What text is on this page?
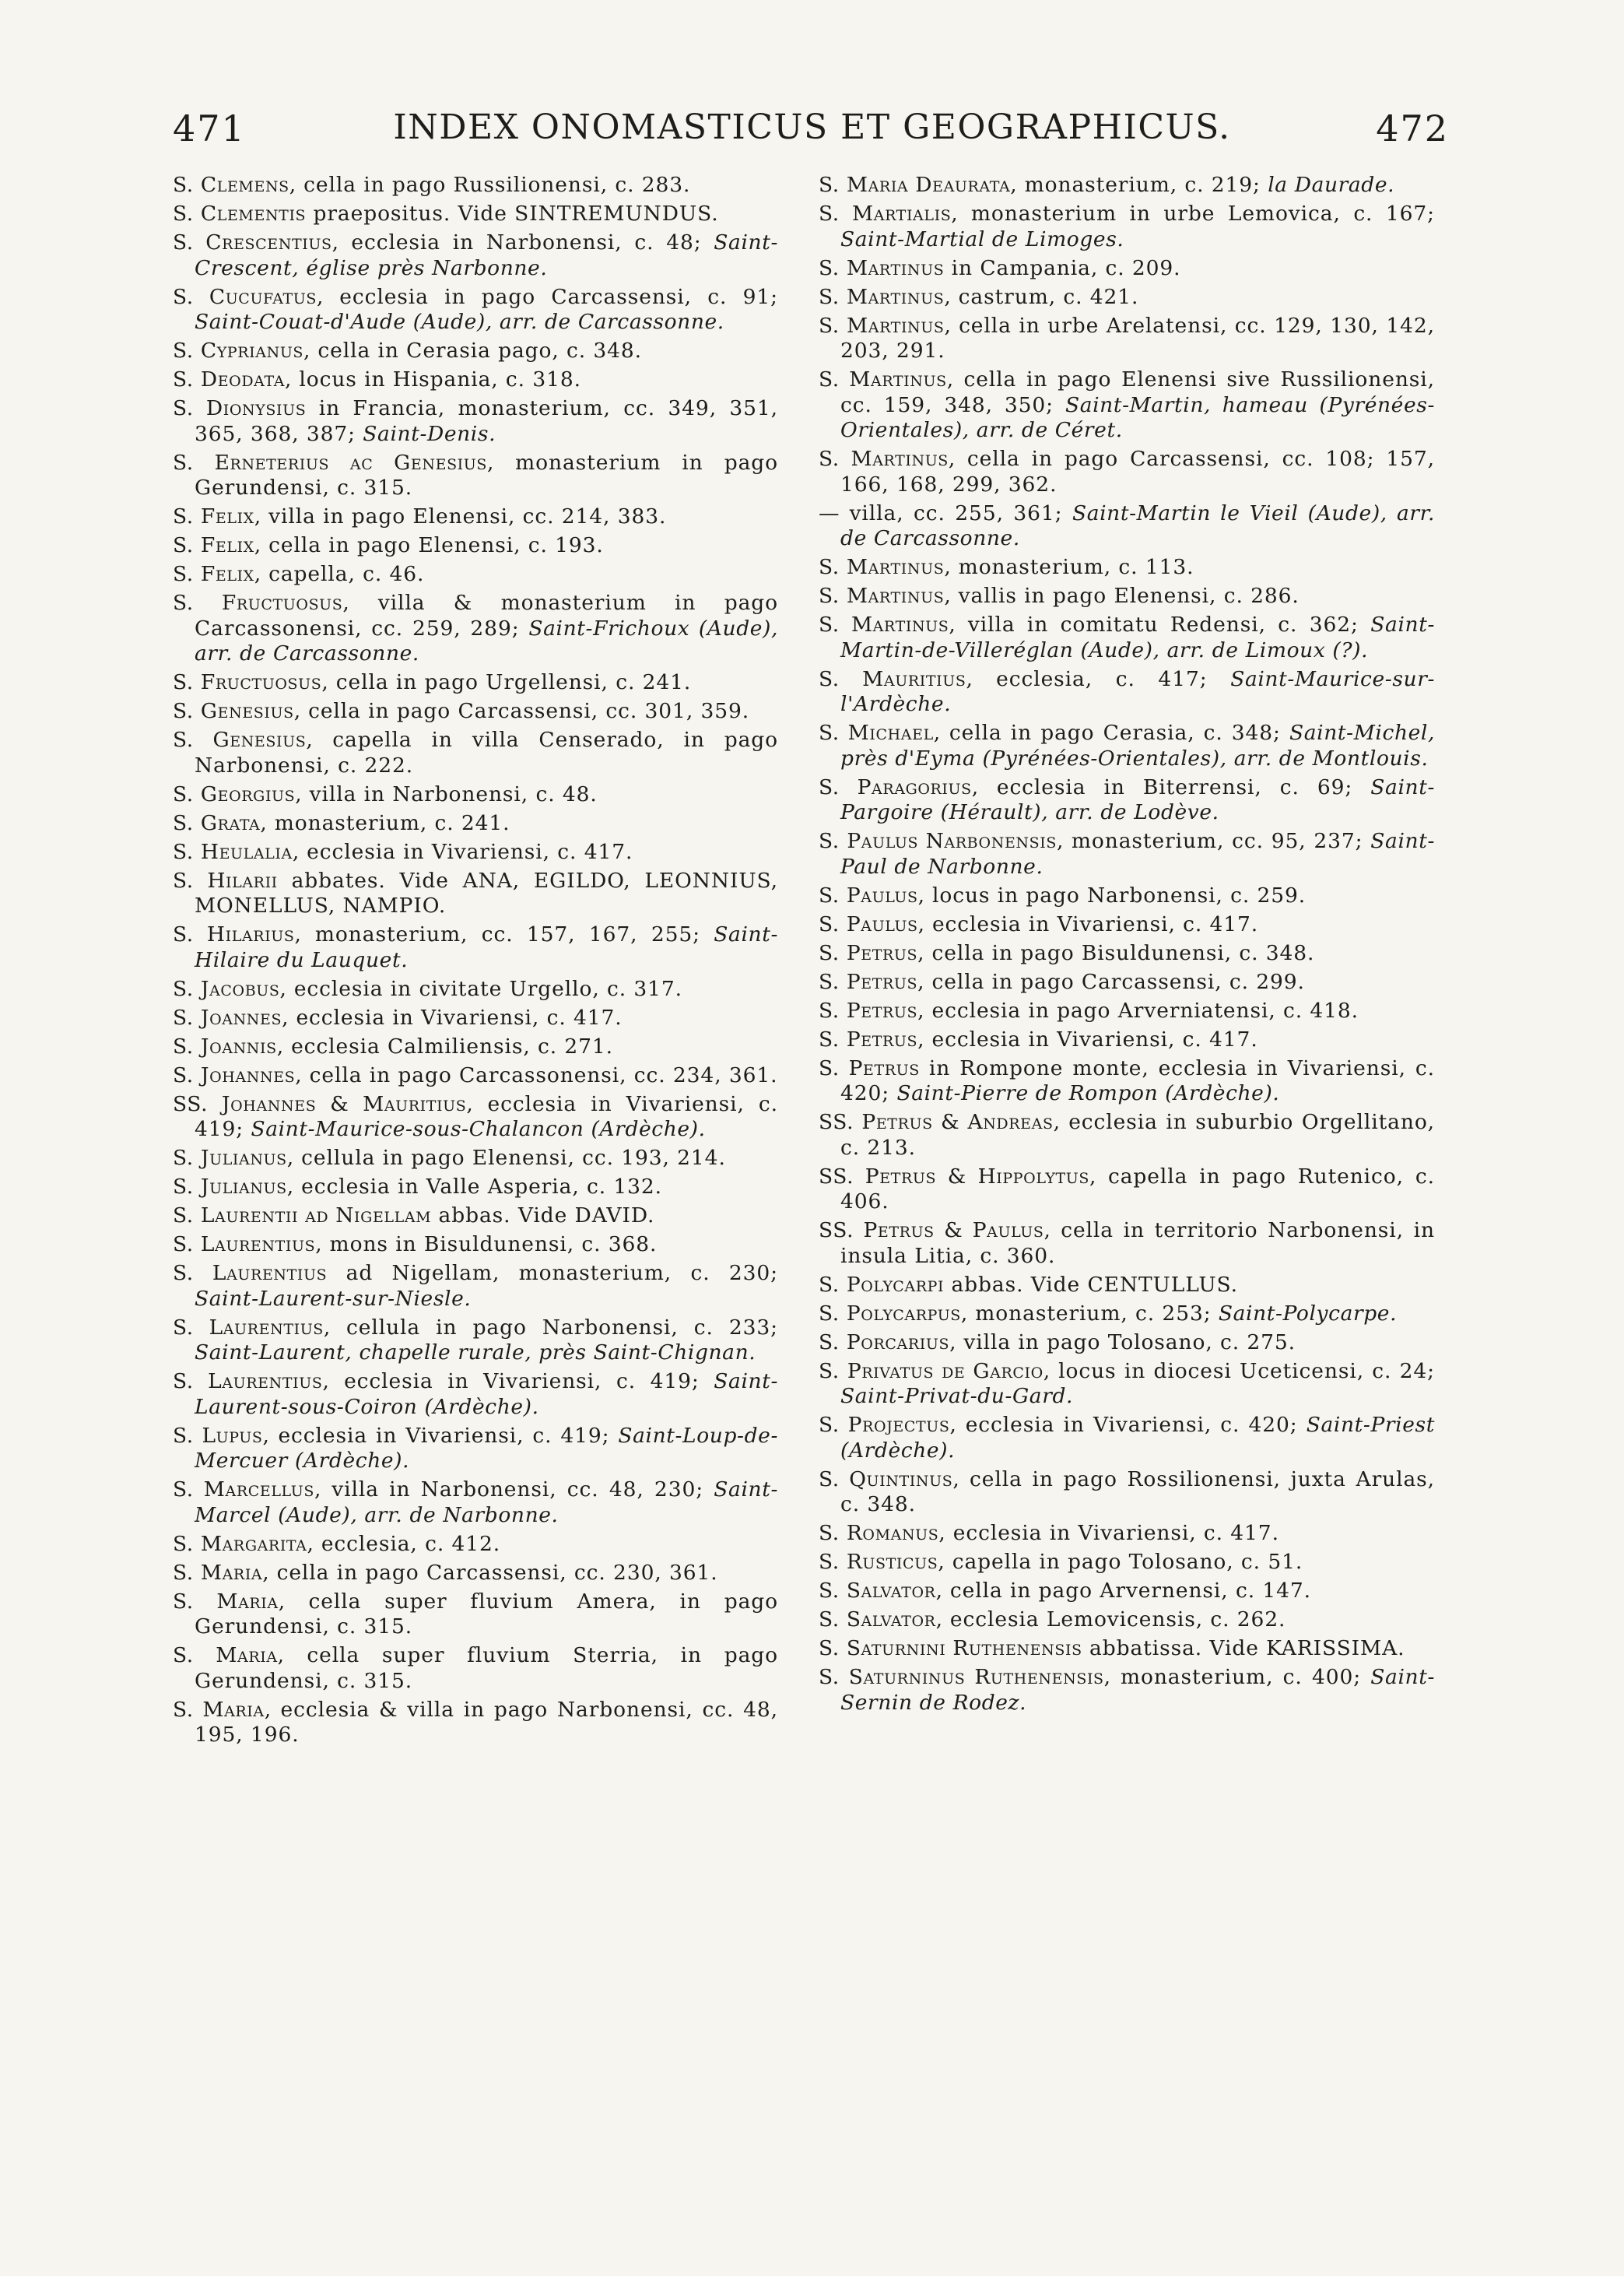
471	INDEX ONOMASTICUS ET GEOGRAPHICUS.	472
S. Clemens, cella in pago Russilionensi, c. 283.
S. Clementis praepositus. Vide SINTREMUNDUS.
S. Crescentius, ecclesia in Narbonensi, c. 48; Saint-Crescent, église près Narbonne.
S. Cucufatus, ecclesia in pago Carcassensi, c. 91; Saint-Couat-d'Aude (Aude), arr. de Carcassonne.
S. Cyprianus, cella in Cerasia pago, c. 348.
S. Deodata, locus in Hispania, c. 318.
S. Dionysius in Francia, monasterium, cc. 349, 351, 365, 368, 387; Saint-Denis.
S. Erneterius ac Genesius, monasterium in pago Gerundensi, c. 315.
S. Felix, villa in pago Elenensi, cc. 214, 383.
S. Felix, cella in pago Elenensi, c. 193.
S. Felix, capella, c. 46.
S. Fructuosus, villa & monasterium in pago Carcassonensi, cc. 259, 289; Saint-Frichoux (Aude), arr. de Carcassonne.
S. Fructuosus, cella in pago Urgellensi, c. 241.
S. Genesius, cella in pago Carcassensi, cc. 301, 359.
S. Genesius, capella in villa Censerado, in pago Narbonensi, c. 222.
S. Georgius, villa in Narbonensi, c. 48.
S. Grata, monasterium, c. 241.
S. Heulalia, ecclesia in Vivariensi, c. 417.
S. Hilarii abbates. Vide ANA, EGILDO, LEONNIUS, MONELLUS, NAMPIO.
S. Hilarius, monasterium, cc. 157, 167, 255; Saint-Hilaire du Lauquet.
S. Jacobus, ecclesia in civitate Urgello, c. 317.
S. Joannes, ecclesia in Vivariensi, c. 417.
S. Joannis, ecclesia Calmiliensis, c. 271.
S. Johannes, cella in pago Carcassonensi, cc. 234, 361.
SS. Johannes & Mauritius, ecclesia in Vivariensi, c. 419; Saint-Maurice-sous-Chalancon (Ardèche).
S. Julianus, cellula in pago Elenensi, cc. 193, 214.
S. Julianus, ecclesia in Valle Asperia, c. 132.
S. Laurentii ad Nigellam abbas. Vide DAVID.
S. Laurentius, mons in Bisuldunensi, c. 368.
S. Laurentius ad Nigellam, monasterium, c. 230; Saint-Laurent-sur-Niesle.
S. Laurentius, cellula in pago Narbonensi, c. 233; Saint-Laurent, chapelle rurale, près Saint-Chignan.
S. Laurentius, ecclesia in Vivariensi, c. 419; Saint-Laurent-sous-Coiron (Ardèche).
S. Lupus, ecclesia in Vivariensi, c. 419; Saint-Loup-de-Mercuer (Ardèche).
S. Marcellus, villa in Narbonensi, cc. 48, 230; Saint-Marcel (Aude), arr. de Narbonne.
S. Margarita, ecclesia, c. 412.
S. Maria, cella in pago Carcassensi, cc. 230, 361.
S. Maria, cella super fluvium Amera, in pago Gerundensi, c. 315.
S. Maria, cella super fluvium Sterria, in pago Gerundensi, c. 315.
S. Maria, ecclesia & villa in pago Narbonensi, cc. 48, 195, 196.
S. Maria Deaurata, monasterium, c. 219; la Daurade.
S. Martialis, monasterium in urbe Lemovica, c. 167; Saint-Martial de Limoges.
S. Martinus in Campania, c. 209.
S. Martinus, castrum, c. 421.
S. Martinus, cella in urbe Arelatensi, cc. 129, 130, 142, 203, 291.
S. Martinus, cella in pago Elenensi sive Russilionensi, cc. 159, 348, 350; Saint-Martin, hameau (Pyrénées-Orientales), arr. de Céret.
S. Martinus, cella in pago Carcassensi, cc. 108; 157, 166, 168, 299, 362.
— villa, cc. 255, 361; Saint-Martin le Vieil (Aude), arr. de Carcassonne.
S. Martinus, monasterium, c. 113.
S. Martinus, vallis in pago Elenensi, c. 286.
S. Martinus, villa in comitatu Redensi, c. 362; Saint-Martin-de-Villeréglan (Aude), arr. de Limoux (?).
S. Mauritius, ecclesia, c. 417; Saint-Maurice-sur-l'Ardèche.
S. Michael, cella in pago Cerasia, c. 348; Saint-Michel, près d'Eyma (Pyrénées-Orientales), arr. de Montlouis.
S. Paragorius, ecclesia in Biterrensi, c. 69; Saint-Pargoire (Hérault), arr. de Lodève.
S. Paulus Narbonensis, monasterium, cc. 95, 237; Saint-Paul de Narbonne.
S. Paulus, locus in pago Narbonensi, c. 259.
S. Paulus, ecclesia in Vivariensi, c. 417.
S. Petrus, cella in pago Bisuldunensi, c. 348.
S. Petrus, cella in pago Carcassensi, c. 299.
S. Petrus, ecclesia in pago Arverniatensi, c. 418.
S. Petrus, ecclesia in Vivariensi, c. 417.
S. Petrus in Rompone monte, ecclesia in Vivariensi, c. 420; Saint-Pierre de Rompon (Ardèche).
SS. Petrus & Andreas, ecclesia in suburbio Orgellitano, c. 213.
SS. Petrus & Hippolytus, capella in pago Rutenico, c. 406.
SS. Petrus & Paulus, cella in territorio Narbonensi, in insula Litia, c. 360.
S. Polycarpi abbas. Vide CENTULLUS.
S. Polycarpus, monasterium, c. 253; Saint-Polycarpe.
S. Porcarius, villa in pago Tolosano, c. 275.
S. Privatus de Garcio, locus in diocesi Uceticensi, c. 24; Saint-Privat-du-Gard.
S. Projectus, ecclesia in Vivariensi, c. 420; Saint-Priest (Ardèche).
S. Quintinus, cella in pago Rossilionensi, juxta Arulas, c. 348.
S. Romanus, ecclesia in Vivariensi, c. 417.
S. Rusticus, capella in pago Tolosano, c. 51.
S. Salvator, cella in pago Arvernensi, c. 147.
S. Salvator, ecclesia Lemovicensis, c. 262.
S. Saturnini Ruthenensis abbatissa. Vide KARISSIMA.
S. Saturninus Ruthenensis, monasterium, c. 400; Saint-Sernin de Rodez.
